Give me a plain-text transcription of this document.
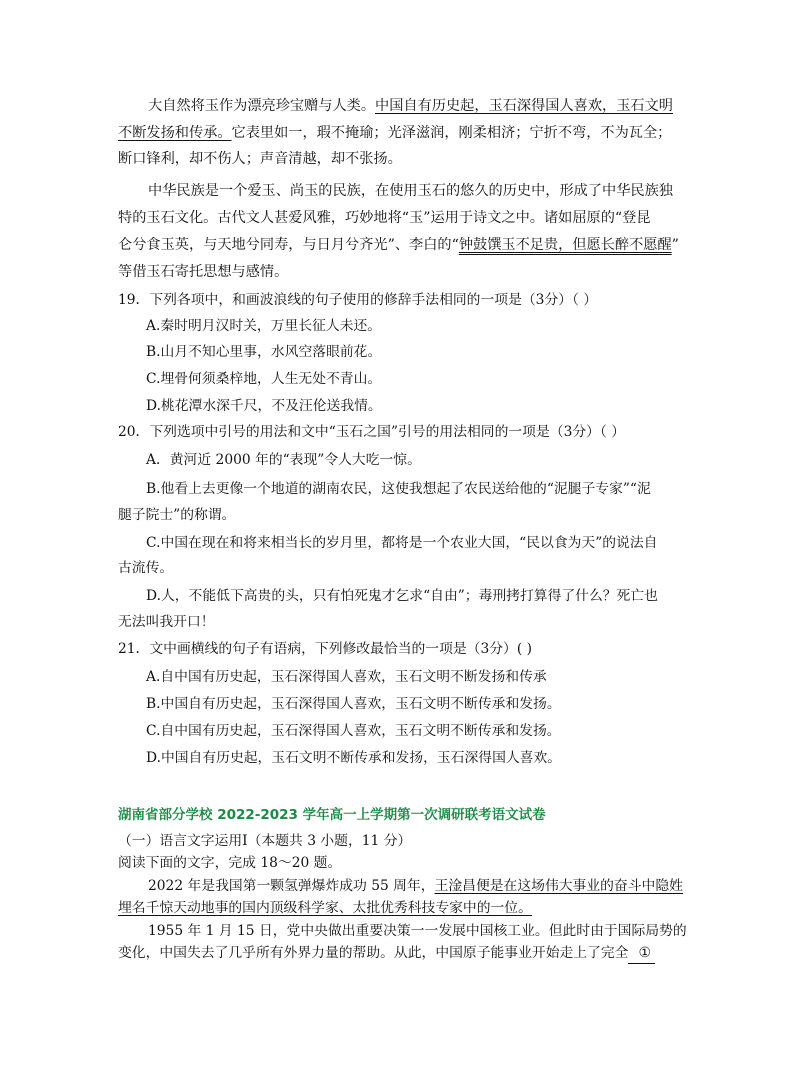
大自然将玉作为漂亮珍宝赠与人类。中国自有历史起，玉石深得国人喜欢，玉石文明
不断发扬和传承。它表里如一，瑕不掩瑜；光泽滋润，刚柔相济；宁折不弯，不为瓦全；
断口锋利，却不伤人；声音清越，却不张扬。
中华民族是一个爱玉、尚玉的民族，在使用玉石的悠久的历史中，形成了中华民族独
特的玉石文化。古代文人甚爱风雅，巧妙地将“玉”运用于诗文之中。诸如屈原的“登昆
仑兮食玉英，与天地兮同寿，与日月兮齐光”、李白的“钟鼓馔玉不足贵，但愿长醉不愿醒”
等借玉石寄托思想与感情。
19．下列各项中，和画波浪线的句子使用的修辞手法相同的一项是（3分）（ ）
A.秦时明月汉时关，万里长征人未还。
B.山月不知心里事，水风空落眼前花。
C.埋骨何须桑梓地，人生无处不青山。
D.桃花潭水深千尺，不及汪伦送我情。
20．下列选项中引号的用法和文中“玉石之国”引号的用法相同的一项是（3分）（ ）
A．黄河近 2000 年的“表现”令人大吃一惊。
B.他看上去更像一个地道的湖南农民，这使我想起了农民送给他的“泥腿子专家”“泥
腿子院士”的称谓。
C.中国在现在和将来相当长的岁月里，都将是一个农业大国，“民以食为天”的说法自
古流传。
D.人，不能低下高贵的头，只有怕死鬼才乞求“自由”；毒刑拷打算得了什么？死亡也
无法叫我开口！
21．文中画横线的句子有语病，下列修改最恰当的一项是（3分）( )
A.自中国有历史起，玉石深得国人喜欢，玉石文明不断发扬和传承
B.中国自有历史起，玉石深得国人喜欢，玉石文明不断传承和发扬。
C.自中国有历史起，玉石深得国人喜欢，玉石文明不断传承和发扬。
D.中国自有历史起，玉石文明不断传承和发扬，玉石深得国人喜欢。
湖南省部分学校 2022-2023 学年高一上学期第一次调研联考语文试卷
（一）语言文字运用Ⅰ（本题共 3 小题，11 分）
阅读下面的文字，完成 18～20 题。
2022 年是我国第一颗氢弹爆炸成功 55 周年，王淦昌便是在这场伟大事业的奋斗中隐姓
埋名千惊天动地事的国内顶级科学家、太批优秀科技专家中的一位。
1955 年 1 月 15 日，党中央做出重要决策一一发展中国核工业。但此时由于国际局势的
变化，中国失去了几乎所有外界力量的帮助。从此，中国原子能事业开始走上了完全 ①
